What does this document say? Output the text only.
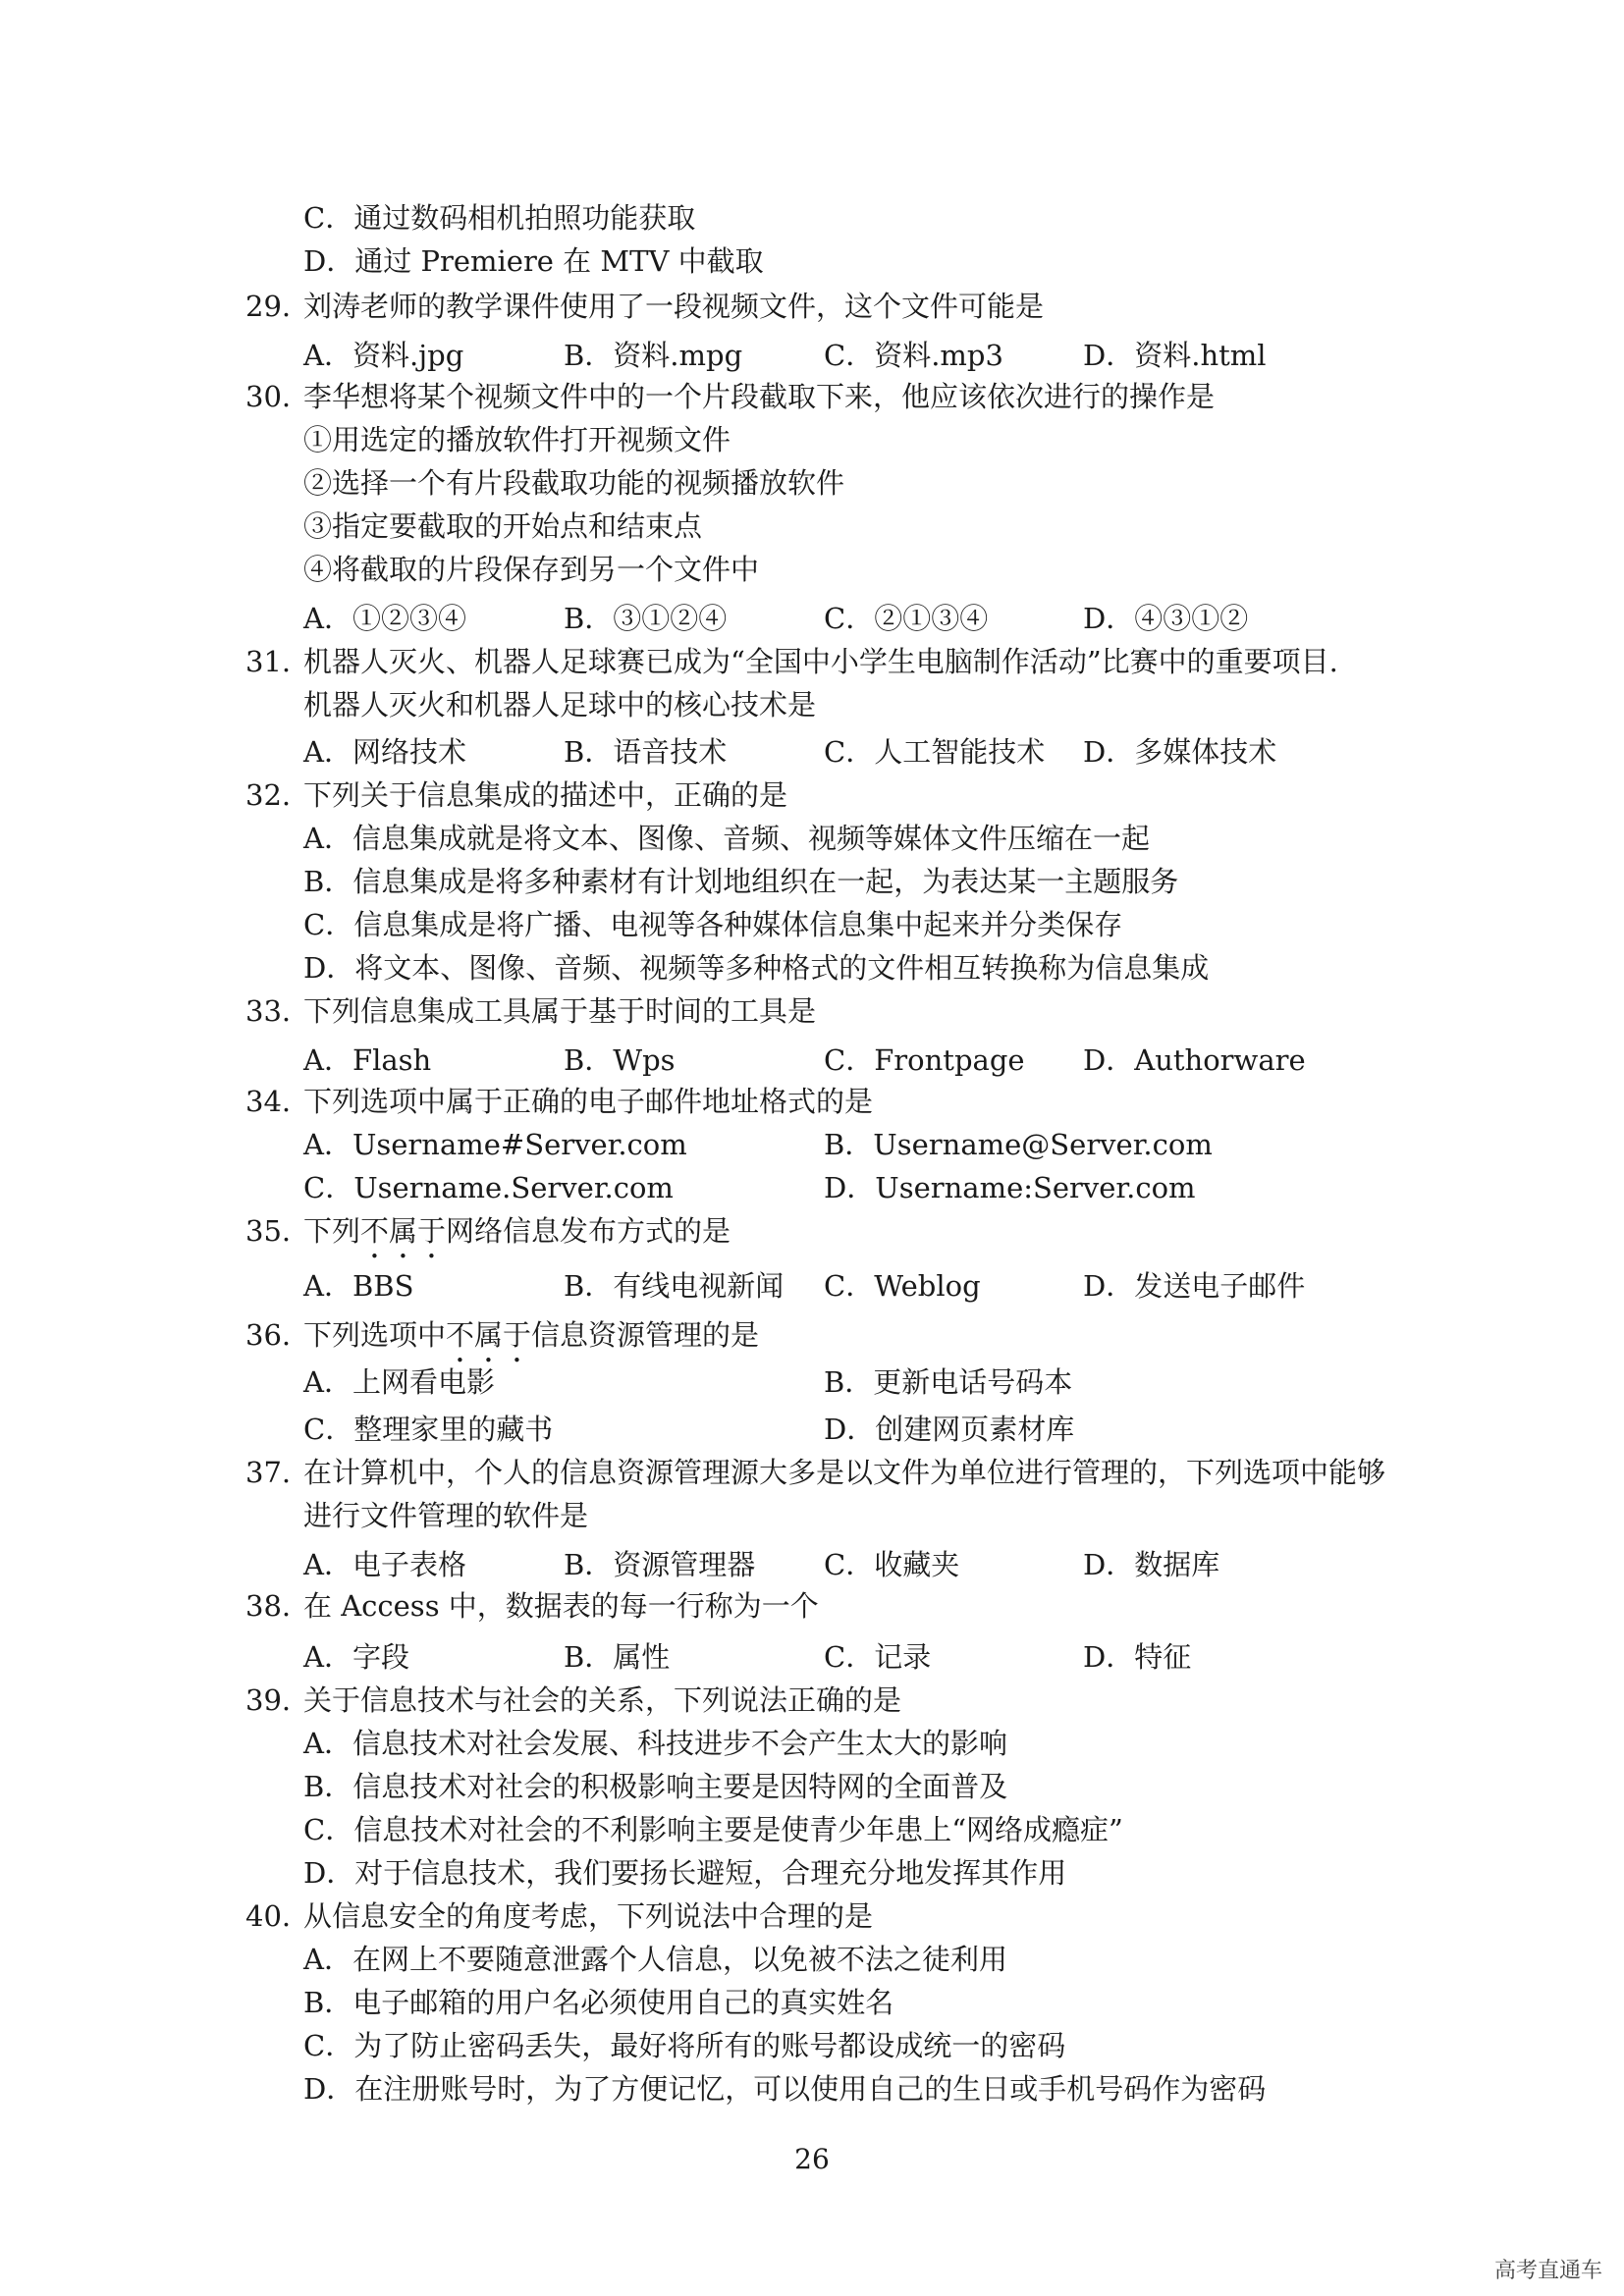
C．通过数码相机拍照功能获取
D．通过 Premiere 在 MTV 中截取
29. 刘涛老师的教学课件使用了一段视频文件，这个文件可能是
A．资料.jpg	B．资料.mpg	C．资料.mp3	D．资料.html
30. 李华想将某个视频文件中的一个片段截取下来，他应该依次进行的操作是
①用选定的播放软件打开视频文件
②选择一个有片段截取功能的视频播放软件
③指定要截取的开始点和结束点
④将截取的片段保存到另一个文件中
A．①②③④	B．③①②④	C．②①③④	D．④③①②
31. 机器人灭火、机器人足球赛已成为“全国中小学生电脑制作活动”比赛中的重要项目.
机器人灭火和机器人足球中的核心技术是
A．网络技术	B．语音技术	C．人工智能技术 D．多媒体技术
32. 下列关于信息集成的描述中，正确的是
A．信息集成就是将文本、图像、音频、视频等媒体文件压缩在一起
B．信息集成是将多种素材有计划地组织在一起，为表达某一主题服务
C．信息集成是将广播、电视等各种媒体信息集中起来并分类保存
D．将文本、图像、音频、视频等多种格式的文件相互转换称为信息集成
33. 下列信息集成工具属于基于时间的工具是
A．Flash	B．Wps	C．Frontpage D．Authorware
34. 下列选项中属于正确的电子邮件地址格式的是
A．Username#Server.com	B．Username@Server.com
C．Username.Server.com	D．Username:Server.com
35. 下列不属于网络信息发布方式的是
A．BBS	B．有线电视新闻 C．Weblog	D．发送电子邮件
36. 下列选项中不属于信息资源管理的是
A．上网看电影	B．更新电话号码本
C．整理家里的藏书	D．创建网页素材库
37. 在计算机中，个人的信息资源管理源大多是以文件为单位进行管理的，下列选项中能够
进行文件管理的软件是
A．电子表格	B．资源管理器 C．收藏夹	D．数据库
38. 在 Access 中，数据表的每一行称为一个
A．字段	B．属性	C．记录	D．特征
39. 关于信息技术与社会的关系，下列说法正确的是
A．信息技术对社会发展、科技进步不会产生太大的影响
B．信息技术对社会的积极影响主要是因特网的全面普及
C．信息技术对社会的不利影响主要是使青少年患上“网络成瘾症”
D．对于信息技术，我们要扬长避短，合理充分地发挥其作用
40. 从信息安全的角度考虑，下列说法中合理的是
A．在网上不要随意泄露个人信息，以免被不法之徒利用
B．电子邮箱的用户名必须使用自己的真实姓名
C．为了防止密码丢失，最好将所有的账号都设成统一的密码
D．在注册账号时，为了方便记忆，可以使用自己的生日或手机号码作为密码
26
高考直通车
